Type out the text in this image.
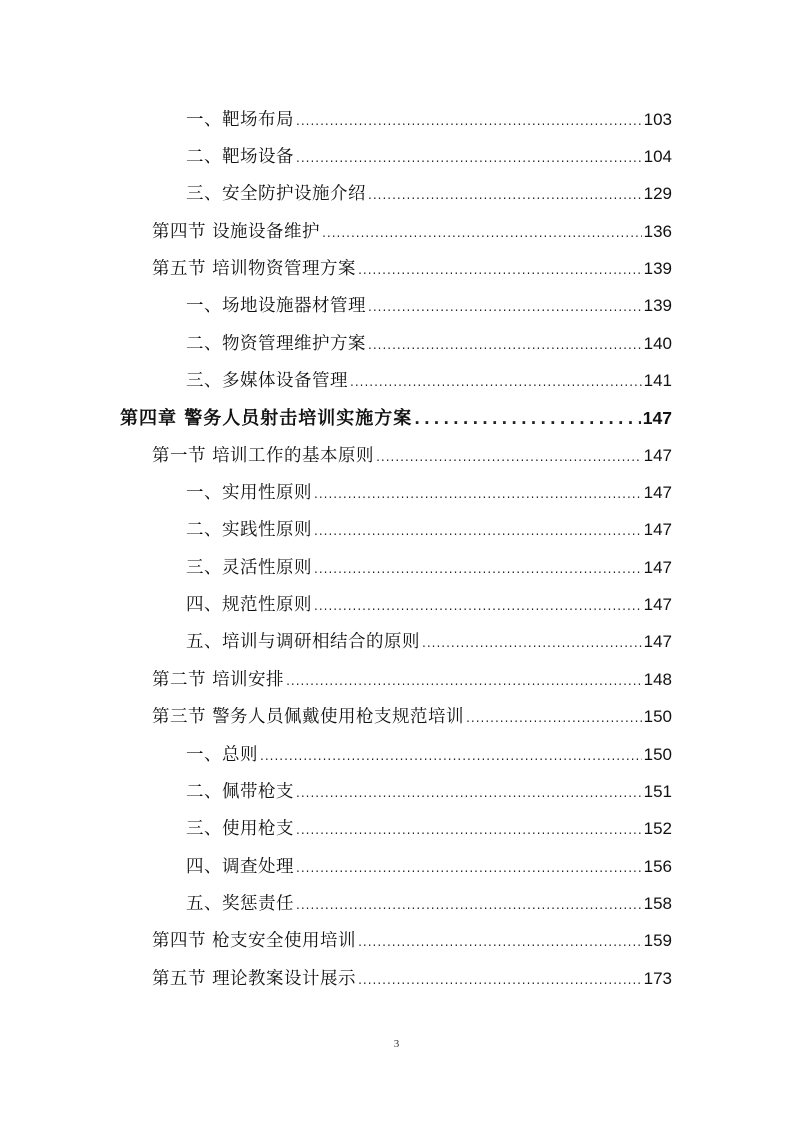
一、靶场布局 .....	103
二、靶场设备 .....	104
三、安全防护设施介绍 .....	129
第四节 设施设备维护 .....	136
第五节 培训物资管理方案 .....	139
一、场地设施器材管理 .....	139
二、物资管理维护方案 .....	140
三、多媒体设备管理 .....	141
第四章 警务人员射击培训实施方案 .....	147
第一节 培训工作的基本原则 .....	147
一、实用性原则 .....	147
二、实践性原则 .....	147
三、灵活性原则 .....	147
四、规范性原则 .....	147
五、培训与调研相结合的原则 .....	147
第二节 培训安排 .....	148
第三节 警务人员佩戴使用枪支规范培训 .....	150
一、总则 .....	150
二、佩带枪支 .....	151
三、使用枪支 .....	152
四、调查处理 .....	156
五、奖惩责任 .....	158
第四节 枪支安全使用培训 .....	159
第五节 理论教案设计展示 .....	173
3
